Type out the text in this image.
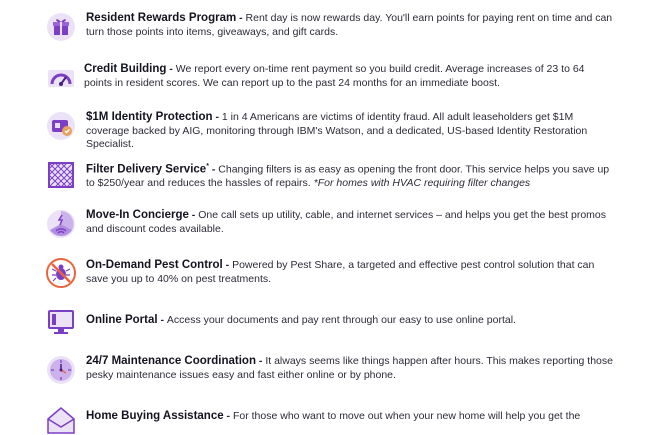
Resident Rewards Program - Rent day is now rewards day. You'll earn points for paying rent on time and can turn those points into items, giveaways, and gift cards.
Credit Building - We report every on-time rent payment so you build credit. Average increases of 23 to 64 points in resident scores. We can report up to the past 24 months for an immediate boost.
$1M Identity Protection - 1 in 4 Americans are victims of identity fraud. All adult leaseholders get $1M coverage backed by AIG, monitoring through IBM's Watson, and a dedicated, US-based Identity Restoration Specialist.
Filter Delivery Service* - Changing filters is as easy as opening the front door. This service helps you save up to $250/year and reduces the hassles of repairs. *For homes with HVAC requiring filter changes
Move-In Concierge - One call sets up utility, cable, and internet services – and helps you get the best promos and discount codes available.
On-Demand Pest Control - Powered by Pest Share, a targeted and effective pest control solution that can save you up to 40% on pest treatments.
Online Portal - Access your documents and pay rent through our easy to use online portal.
24/7 Maintenance Coordination - It always seems like things happen after hours. This makes reporting those pesky maintenance issues easy and fast either online or by phone.
Home Buying Assistance - For those who want to move out when your new home will help you get the
